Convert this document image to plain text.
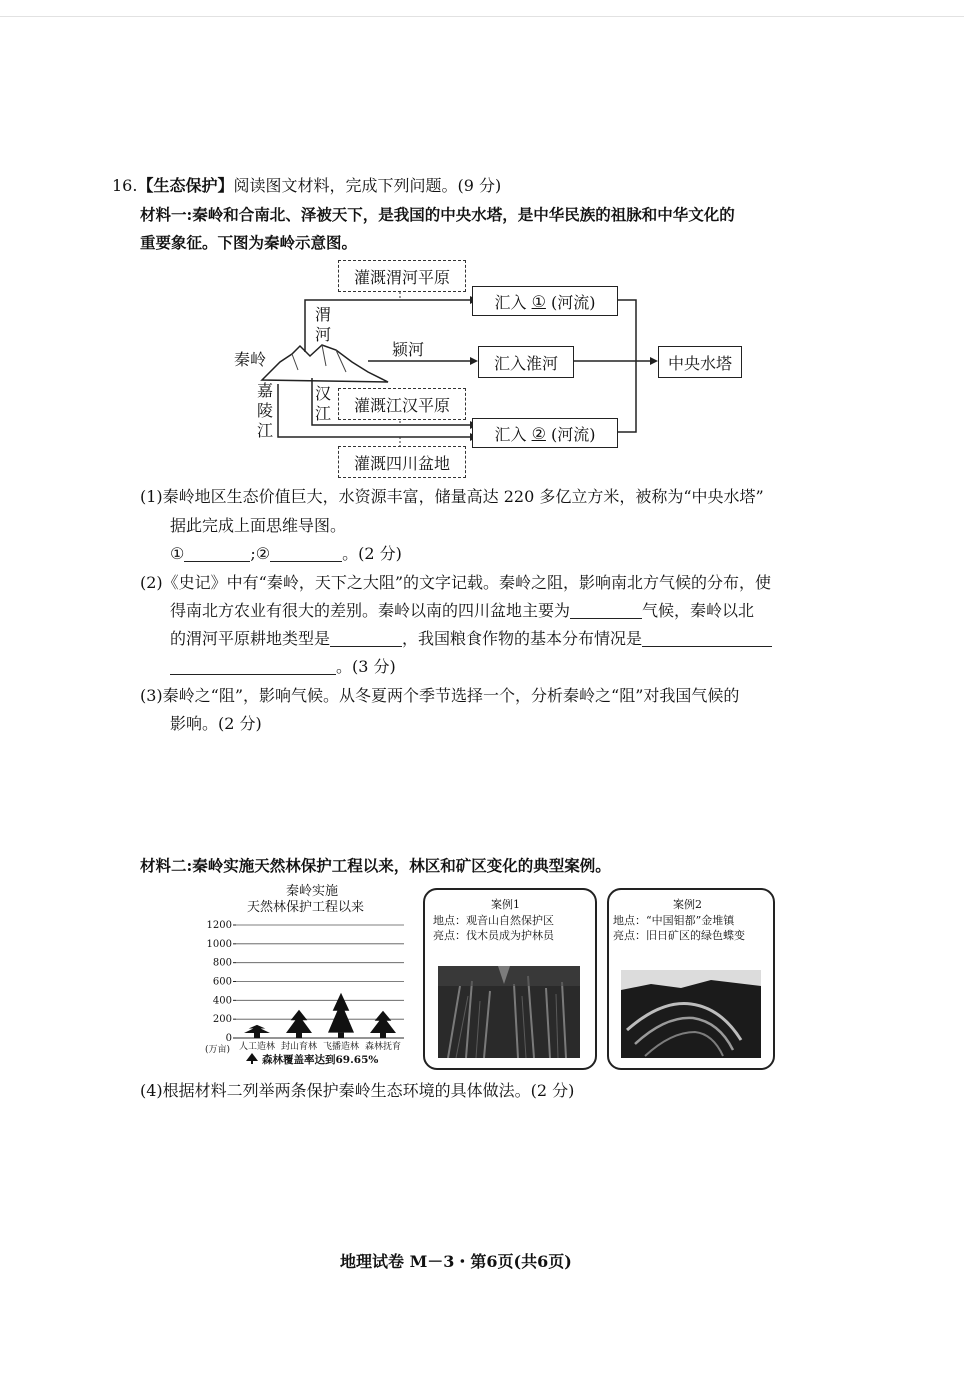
16.【生态保护】阅读图文材料，完成下列问题。(9 分)
材料一:秦岭和合南北、泽被天下，是我国的中央水塔，是中华民族的祖脉和中华文化的
重要象征。下图为秦岭示意图。
灌溉渭河平原
灌溉江汉平原
灌溉四川盆地
汇入
①
(河流)
汇入淮河
汇入
②
(河流)
中央水塔
秦岭
颍河
渭
河
汉
江
嘉
陵
江
(1)秦岭地区生态价值巨大，水资源丰富，储量高达 220 多亿立方米，被称为“中央水塔”
据此完成上面思维导图。
①	;②	。(2 分)
(2)《史记》中有“秦岭，天下之大阻”的文字记载。秦岭之阻，影响南北方气候的分布，使
得南北方农业有很大的差别。秦岭以南的四川盆地主要为	气候，秦岭以北
的渭河平原耕地类型是	，我国粮食作物的基本分布情况是
。(3 分)
(3)秦岭之“阻”，影响气候。从冬夏两个季节选择一个，分析秦岭之“阻”对我国气候的
影响。(2 分)
材料二:秦岭实施天然林保护工程以来，林区和矿区变化的典型案例。
秦岭实施
天然林保护工程以来
0
200
400
600
800
1000
1200
人工造林 封山育林 飞播造林 森林抚育
(万亩)
森林覆盖率达到69.65%
案例1
地点：观音山自然保护区
亮点：伐木员成为护林员
案例2
地点：“中国钼都”金堆镇
亮点：旧日矿区的绿色蝶变
(4)根据材料二列举两条保护秦岭生态环境的具体做法。(2 分)
地理试卷 M－3・第6页(共6页)
